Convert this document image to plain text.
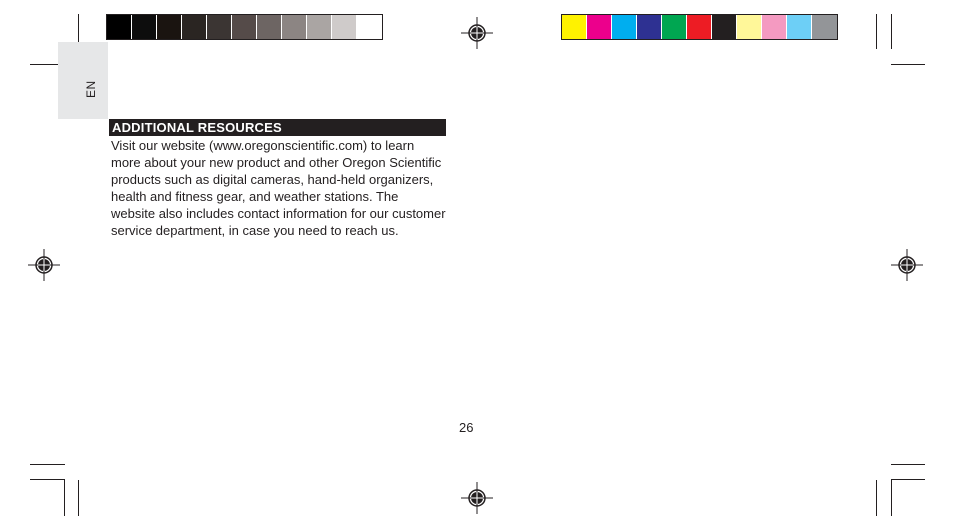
EN
ADDITIONAL RESOURCES

Visit our website (www.oregonscientific.com) to learn more about your new product and other Oregon Scientific products such as digital cameras, hand-held organizers, health and fitness gear, and weather stations. The website also includes contact information for our customer service department, in case you need to reach us.

26
